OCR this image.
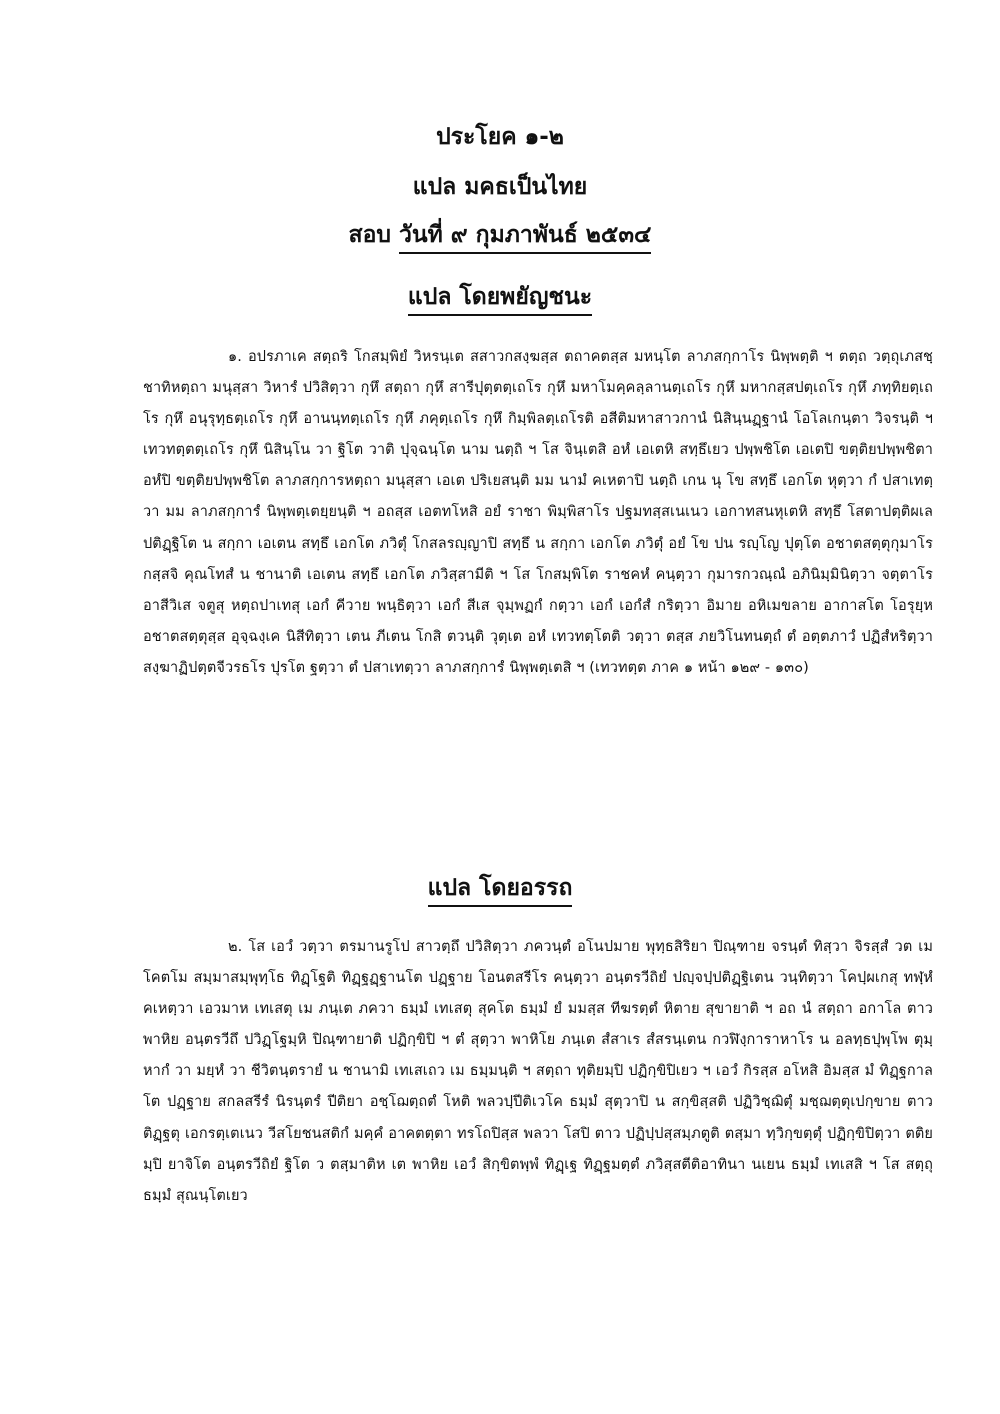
ประโยค ๑-๒
แปล มคธเป็นไทย
สอบ วันที่ ๙ กุมภาพันธ์ ๒๕๓๔
แปล โดยพยัญชนะ

๑. อปรภาเค สตฺถริ โกสมฺพิยํ วิหรนฺเต สสาวกสงฺฆสฺส ตถาคตสฺส มหนฺโต ลาภสกฺกาโร นิพฺพตฺติ ฯ ตตฺถ วตฺถุเภสชฺชาทิหตฺถา มนุสฺสา วิหารํ ปวิสิตฺวา กุหึ สตฺถา กุหึ สารีปุตฺตตฺเถโร กุหึ มหาโมคฺคลฺลานตฺเถโร กุหึ มหากสฺสปตฺเถโร กุหึ ภทฺทิยตฺเถโร กุหึ อนุรุทฺธตฺเถโร กุหึ อานนฺทตฺเถโร กุหึ ภคุตฺเถโร กุหึ กิมฺพิลตฺเถโรติ อสีติมหาสาวกานํ นิสินฺนฏฺฐานํ โอโลเกนฺตา วิจรนฺติ ฯ เทวทตฺตตฺเถโร กุหึ นิสินฺโน วา ฐิโต วาติ ปุจฺฉนฺโต นาม นตฺถิ ฯ โส จินฺเตสิ อหํ เอเตหิ สทฺธึเยว ปพฺพชิโต เอเตปิ ขตฺติยปพฺพชิตา อหํปิ ขตฺติยปพฺพชิโต ลาภสกฺการหตฺถา มนุสฺสา เอเต ปริเยสนฺติ มม นามํ คเหตาปิ นตฺถิ เกน นุ โข สทฺธึ เอกโต หุตฺวา กํ ปสาเทตฺวา มม ลาภสกฺการํ นิพฺพตฺเตยฺยนฺติ ฯ อถสฺส เอตทโหสิ อยํ ราชา พิมฺพิสาโร ปฐมทสฺสเนเนว เอกาทสนหุเตหิ สทฺธึ โสตาปตฺติผเล ปติฏฺฐิโต น สกฺกา เอเตน สทฺธึ เอกโต ภวิตุํ โกสลรญฺญาปิ สทฺธึ น สกฺกา เอกโต ภวิตุํ อยํ โข ปน รญฺโญ ปุตฺโต อชาตสตฺตุกุมาโร กสฺสจิ คุณโทสํ น ชานาติ เอเตน สทฺธึ เอกโต ภวิสฺสามีติ ฯ โส โกสมฺพิโต ราชคหํ คนฺตฺวา กุมารกวณฺณํ อภินิมฺมินิตฺวา จตฺตาโร อาสีวิเส จตูสุ หตฺถปาเทสุ เอกํ คีวาย พนฺธิตฺวา เอกํ สีเส จุมฺพฏกํ กตฺวา เอกํ เอกํสํ กริตฺวา อิมาย อหิเมขลาย อากาสโต โอรุยฺห อชาตสตฺตุสฺส อุจฺฉงฺเค นิสีทิตฺวา เตน ภีเตน โกสิ ตวนฺติ วุตฺเต อหํ เทวทตฺโตติ วตฺวา ตสฺส ภยวิโนทนตฺถํ ตํ อตฺตภาวํ ปฏิสํหริตฺวา สงฺฆาฏิปตฺตจีวรธโร ปุรโต ฐตฺวา ตํ ปสาเทตฺวา ลาภสกฺการํ นิพฺพตฺเตสิ ฯ (เทวทตฺต ภาค ๑ หน้า ๑๒๙ - ๑๓๐)

แปล โดยอรรถ

๒. โส เอวํ วตฺวา ตรมานรูโป สาวตฺถึ ปวิสิตฺวา ภควนฺตํ อโนปมาย พุทฺธสิริยา ปิณฺฑาย จรนฺตํ ทิสฺวา จิรสฺสํ วต เม โคตโม สมฺมาสมฺพุทฺโธ ทิฏฺโฐติ ทิฏฺฐฏฺฐานโต ปฏฺฐาย โอนตสรีโร คนฺตฺวา อนฺตรวีถิยํ ปญฺจปฺปติฏฺฐิเตน วนฺทิตฺวา โคปฺผเกสุ ทฬฺหํ คเหตฺวา เอวมาห เทเสตุ เม ภนฺเต ภควา ธมฺมํ เทเสตุ สุคโต ธมฺมํ ยํ มมสฺส ทีฆรตฺตํ หิตาย สุขายาติ ฯ อถ นํ สตฺถา อกาโล ตาว พาหิย อนฺตรวีถึ ปวิฏฺโฐมฺหิ ปิณฺฑายาติ ปฏิกฺขิปิ ฯ ตํ สุตฺวา พาหิโย ภนฺเต สํสาเร สํสรนฺเตน กวฬิงฺการาหาโร น อลทฺธปุพฺโพ ตุมฺหากํ วา มยฺหํ วา ชีวิตนฺตรายํ น ชานามิ เทเสเถว เม ธมฺมนฺติ ฯ สตฺถา ทุติยมฺปิ ปฏิกฺขิปิเยว ฯ เอวํ กิรสฺส อโหสิ อิมสฺส มํ ทิฏฺฐกาลโต ปฏฺฐาย สกลสรีรํ นิรนฺตรํ ปีติยา อชฺโฌตฺถตํ โหติ พลวปฺปีติเวโค ธมฺมํ สุตฺวาปิ น สกฺขิสฺสติ ปฏิวิชฺฌิตุํ มชฺฌตฺตุเปกฺขาย ตาว ติฏฺฐตุ เอกรตฺเตเนว วีสโยชนสติกํ มคฺคํ อาคตตฺตา ทรโถปิสฺส พลวา โสปิ ตาว ปฏิปฺปสฺสมฺภตูติ ตสฺมา ทฺวิกฺขตฺตุํ ปฏิกฺขิปิตฺวา ตติยมฺปิ ยาจิโต อนฺตรวีถิยํ ฐิโต ว ตสฺมาติห เต พาหิย เอวํ สิกฺขิตพฺพํ ทิฏฺเฐ ทิฏฺฐมตฺตํ ภวิสฺสตีติอาทินา นเยน ธมฺมํ เทเสสิ ฯ โส สตฺถุ ธมฺมํ สุณนฺโตเยว
